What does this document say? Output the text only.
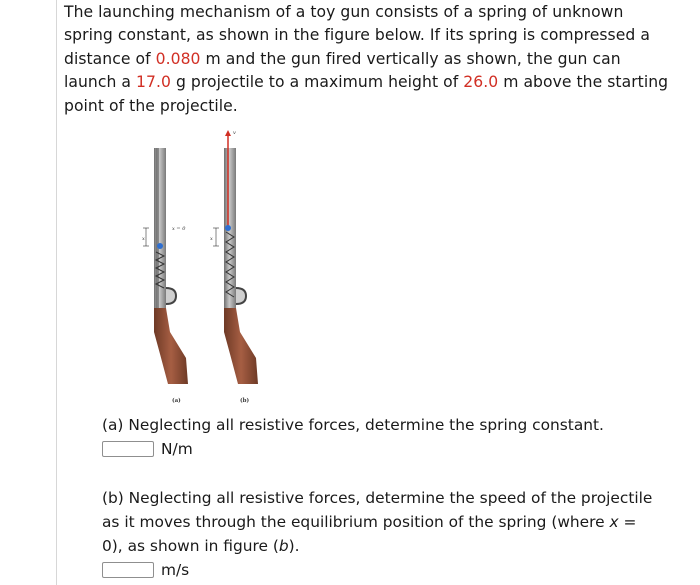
The launching mechanism of a toy gun consists of a spring of unknown
spring constant, as shown in the figure below. If its spring is compressed a
distance of 0.080 m and the gun fired vertically as shown, the gun can
launch a 17.0 g projectile to a maximum height of 26.0 m above the starting
point of the projectile.
x
x = 0
(a)
v
x
(b)
(a) Neglecting all resistive forces, determine the spring constant.
N/m
(b) Neglecting all resistive forces, determine the speed of the projectile
as it moves through the equilibrium position of the spring (where x =
0), as shown in figure (b).
m/s
